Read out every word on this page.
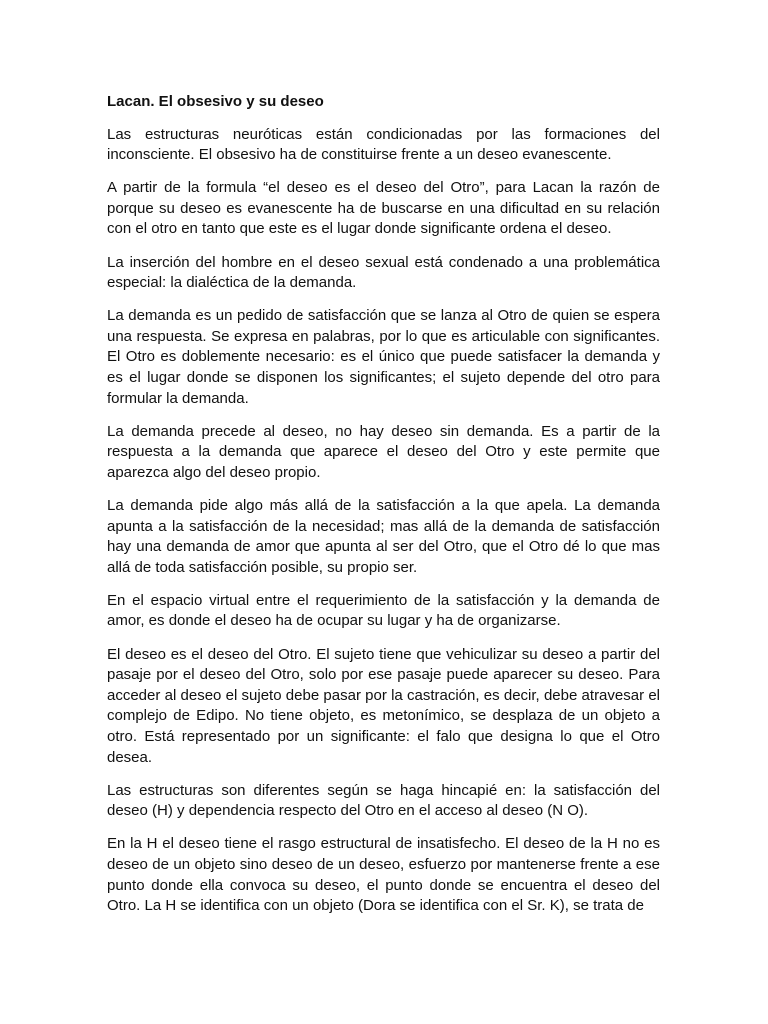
Lacan. El obsesivo y su deseo

Las estructuras neuróticas están condicionadas por las formaciones del inconsciente. El obsesivo ha de constituirse frente a un deseo evanescente.

A partir de la formula “el deseo es el deseo del Otro”, para Lacan la razón de porque su deseo es evanescente ha de buscarse en una dificultad en su relación con el otro en tanto que este es el lugar donde significante ordena el deseo.

La inserción del hombre en el deseo sexual está condenado a una problemática especial: la dialéctica de la demanda.

La demanda es un pedido de satisfacción que se lanza al Otro de quien se espera una respuesta. Se expresa en palabras, por lo que es articulable con significantes. El Otro es doblemente necesario: es el único que puede satisfacer la demanda y es el lugar donde se disponen los significantes; el sujeto depende del otro para formular la demanda.

La demanda precede al deseo, no hay deseo sin demanda. Es a partir de la respuesta a la demanda que aparece el deseo del Otro y este permite que aparezca algo del deseo propio.

La demanda pide algo más allá de la satisfacción a la que apela. La demanda apunta a la satisfacción de la necesidad; mas allá de la demanda de satisfacción hay una demanda de amor que apunta al ser del Otro, que el Otro dé lo que mas allá de toda satisfacción posible, su propio ser.

En el espacio virtual entre el requerimiento de la satisfacción y la demanda de amor, es donde el deseo ha de ocupar su lugar y ha de organizarse.

El deseo es el deseo del Otro. El sujeto tiene que vehiculizar su deseo a partir del pasaje por el deseo del Otro, solo por ese pasaje puede aparecer su deseo. Para acceder al deseo el sujeto debe pasar por la castración, es decir, debe atravesar el complejo de Edipo. No tiene objeto, es metonímico, se desplaza de un objeto a otro. Está representado por un significante: el falo que designa lo que el Otro desea.

Las estructuras son diferentes según se haga hincapié en: la satisfacción del deseo (H) y dependencia respecto del Otro en el acceso al deseo (N O).

En la H el deseo tiene el rasgo estructural de insatisfecho. El deseo de la H no es deseo de un objeto sino deseo de un deseo, esfuerzo por mantenerse frente a ese punto donde ella convoca su deseo, el punto donde se encuentra el deseo del Otro. La H se identifica con un objeto (Dora se identifica con el Sr. K), se trata de
